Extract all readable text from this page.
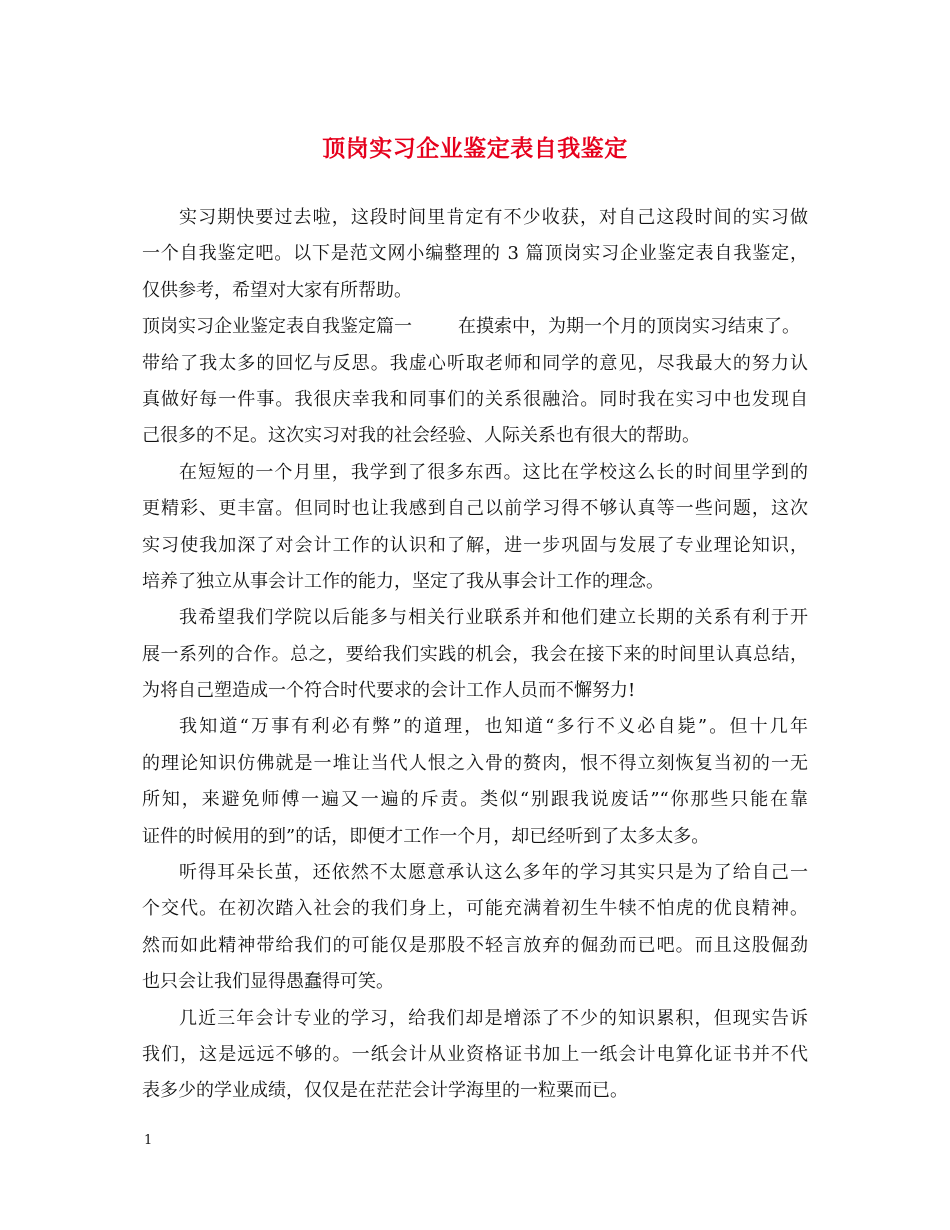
顶岗实习企业鉴定表自我鉴定
实习期快要过去啦，这段时间里肯定有不少收获，对自己这段时间的实习做
一个自我鉴定吧。以下是范文网小编整理的 3 篇顶岗实习企业鉴定表自我鉴定，
仅供参考，希望对大家有所帮助。
顶岗实习企业鉴定表自我鉴定篇一	在摸索中，为期一个月的顶岗实习结束了。
带给了我太多的回忆与反思。我虚心听取老师和同学的意见，尽我最大的努力认
真做好每一件事。我很庆幸我和同事们的关系很融洽。同时我在实习中也发现自
己很多的不足。这次实习对我的社会经验、人际关系也有很大的帮助。
在短短的一个月里，我学到了很多东西。这比在学校这么长的时间里学到的
更精彩、更丰富。但同时也让我感到自己以前学习得不够认真等一些问题，这次
实习使我加深了对会计工作的认识和了解，进一步巩固与发展了专业理论知识，
培养了独立从事会计工作的能力，坚定了我从事会计工作的理念。
我希望我们学院以后能多与相关行业联系并和他们建立长期的关系有利于开
展一系列的合作。总之，要给我们实践的机会，我会在接下来的时间里认真总结，
为将自己塑造成一个符合时代要求的会计工作人员而不懈努力!
我知道“万事有利必有弊”的道理，也知道“多行不义必自毙”。但十几年
的理论知识仿佛就是一堆让当代人恨之入骨的赘肉，恨不得立刻恢复当初的一无
所知，来避免师傅一遍又一遍的斥责。类似“别跟我说废话”“你那些只能在靠
证件的时候用的到”的话，即便才工作一个月，却已经听到了太多太多。
听得耳朵长茧，还依然不太愿意承认这么多年的学习其实只是为了给自己一
个交代。在初次踏入社会的我们身上，可能充满着初生牛犊不怕虎的优良精神。
然而如此精神带给我们的可能仅是那股不轻言放弃的倔劲而已吧。而且这股倔劲
也只会让我们显得愚蠢得可笑。
几近三年会计专业的学习，给我们却是增添了不少的知识累积，但现实告诉
我们，这是远远不够的。一纸会计从业资格证书加上一纸会计电算化证书并不代
表多少的学业成绩，仅仅是在茫茫会计学海里的一粒粟而已。
1
